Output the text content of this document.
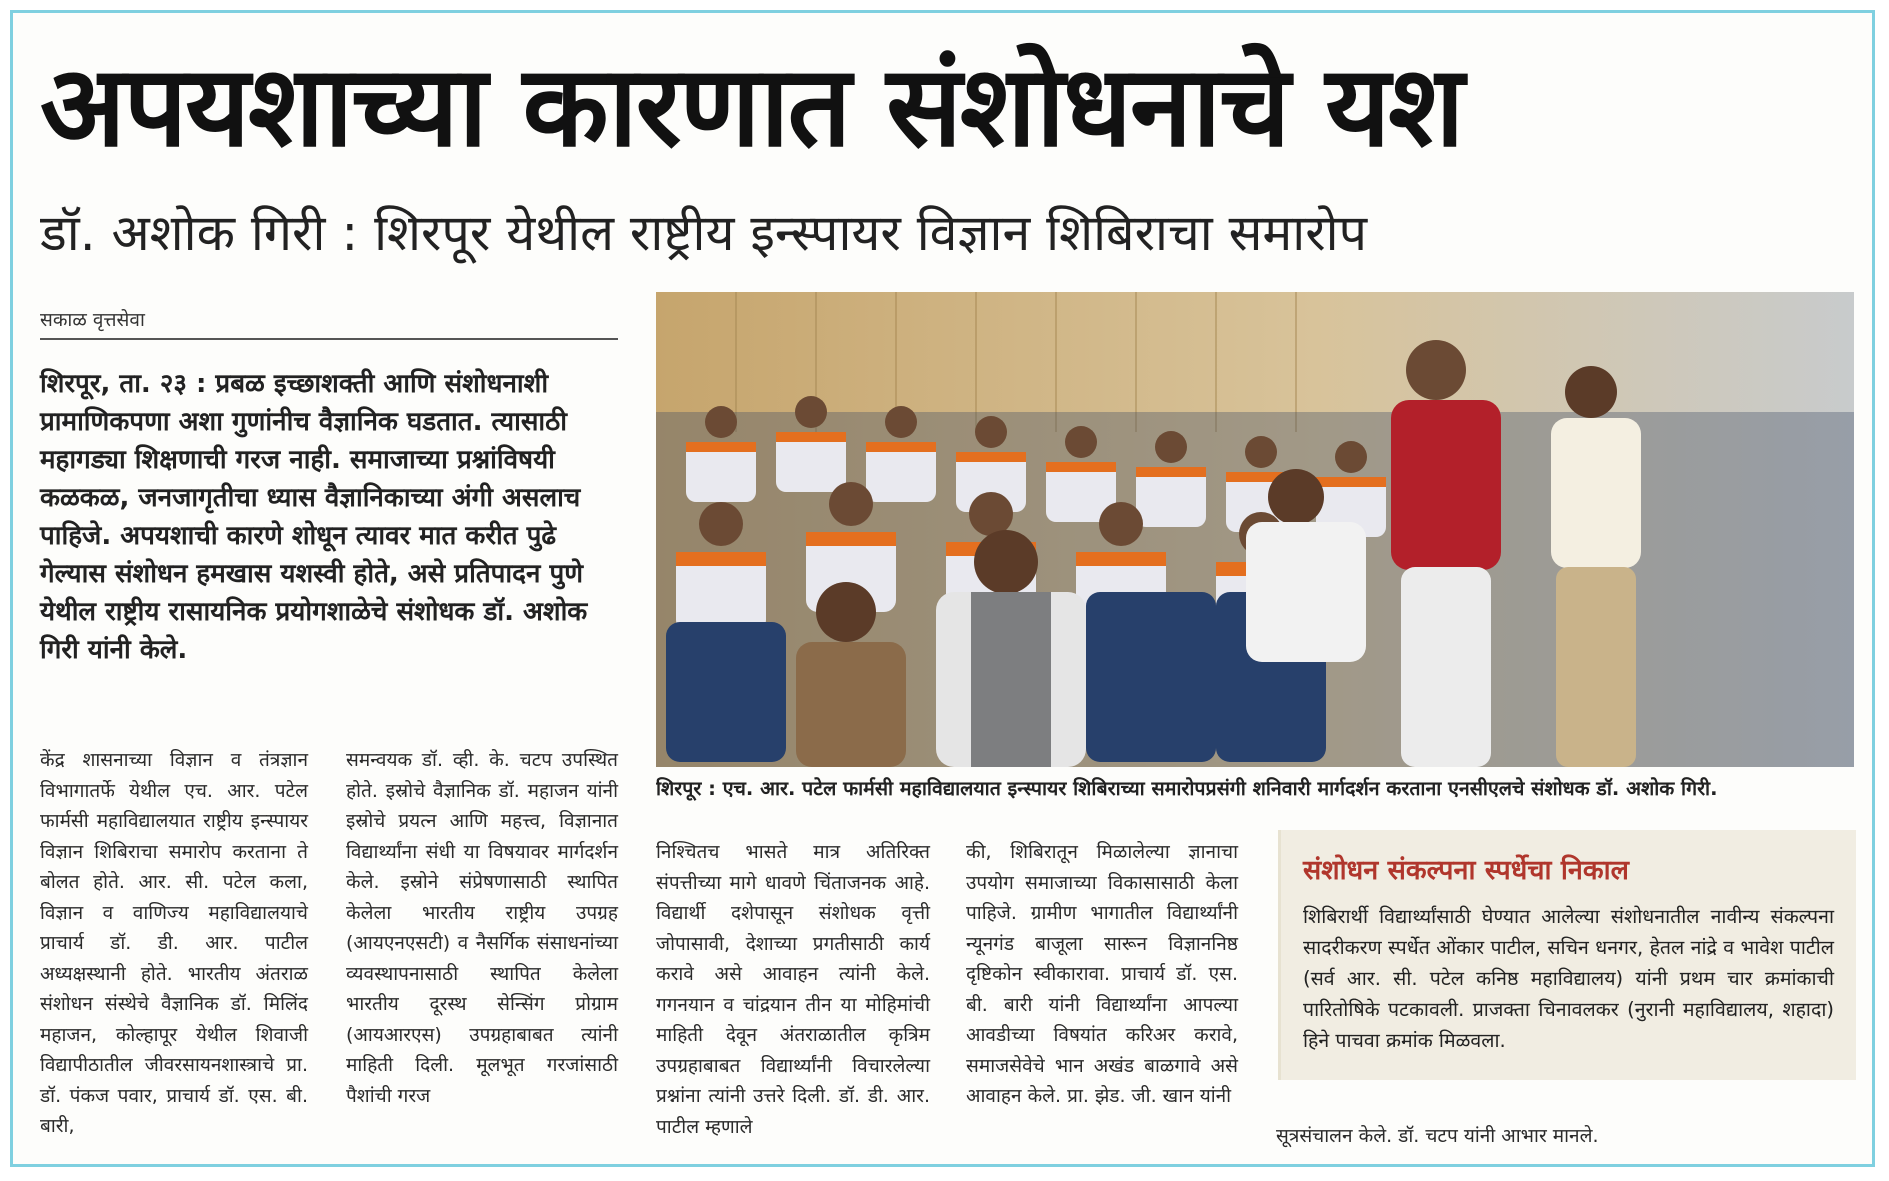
अपयशाच्या कारणात संशोधनाचे यश
डॉ. अशोक गिरी : शिरपूर येथील राष्ट्रीय इन्स्पायर विज्ञान शिबिराचा समारोप
सकाळ वृत्तसेवा

शिरपूर, ता. २३ : प्रबळ इच्छाशक्ती आणि संशोधनाशी प्रामाणिकपणा अशा गुणांनीच वैज्ञानिक घडतात. त्यासाठी महागड्या शिक्षणाची गरज नाही. समाजाच्या प्रश्नांविषयी कळकळ, जनजागृतीचा ध्यास वैज्ञानिकाच्या अंगी असलाच पाहिजे. अपयशाची कारणे शोधून त्यावर मात करीत पुढे गेल्यास संशोधन हमखास यशस्वी होते, असे प्रतिपादन पुणे येथील राष्ट्रीय रासायनिक प्रयोगशाळेचे संशोधक डॉ. अशोक गिरी यांनी केले.

केंद्र शासनाच्या विज्ञान व तंत्रज्ञान विभागातर्फे येथील एच. आर. पटेल फार्मसी महाविद्यालयात राष्ट्रीय इन्स्पायर विज्ञान शिबिराचा समारोप करताना ते बोलत होते. आर. सी. पटेल कला, विज्ञान व वाणिज्य महाविद्यालयाचे प्राचार्य डॉ. डी. आर. पाटील अध्यक्षस्थानी होते. भारतीय अंतराळ संशोधन संस्थेचे वैज्ञानिक डॉ. मिलिंद महाजन, कोल्हापूर येथील शिवाजी विद्यापीठातील जीवरसायनशास्त्राचे प्रा. डॉ. पंकज पवार, प्राचार्य डॉ. एस. बी. बारी,

समन्वयक डॉ. व्ही. के. चटप उपस्थित होते. इस्रोचे वैज्ञानिक डॉ. महाजन यांनी इस्रोचे प्रयत्न आणि महत्त्व, विज्ञानात विद्यार्थ्यांना संधी या विषयावर मार्गदर्शन केले. इस्रोने संप्रेषणासाठी स्थापित केलेला भारतीय राष्ट्रीय उपग्रह (आयएनएसटी) व नैसर्गिक संसाधनांच्या व्यवस्थापनासाठी स्थापित केलेला भारतीय दूरस्थ सेन्सिंग प्रोग्राम (आयआरएस) उपग्रहाबाबत त्यांनी माहिती दिली. मूलभूत गरजांसाठी पैशांची गरज

निश्चितच भासते मात्र अतिरिक्त संपत्तीच्या मागे धावणे चिंताजनक आहे. विद्यार्थी दशेपासून संशोधक वृत्ती जोपासावी, देशाच्या प्रगतीसाठी कार्य करावे असे आवाहन त्यांनी केले. गगनयान व चांद्रयान तीन या मोहिमांची माहिती देवून अंतराळातील कृत्रिम उपग्रहाबाबत विद्यार्थ्यांनी विचारलेल्या प्रश्नांना त्यांनी उत्तरे दिली. डॉ. डी. आर. पाटील म्हणाले

की, शिबिरातून मिळालेल्या ज्ञानाचा उपयोग समाजाच्या विकासासाठी केला पाहिजे. ग्रामीण भागातील विद्यार्थ्यांनी न्यूनगंड बाजूला सारून विज्ञाननिष्ठ दृष्टिकोन स्वीकारावा. प्राचार्य डॉ. एस. बी. बारी यांनी विद्यार्थ्यांना आपल्या आवडीच्या विषयांत करिअर करावे, समाजसेवेचे भान अखंड बाळगावे असे आवाहन केले. प्रा. झेड. जी. खान यांनी

शिरपूर : एच. आर. पटेल फार्मसी महाविद्यालयात इन्स्पायर शिबिराच्या समारोपप्रसंगी शनिवारी मार्गदर्शन करताना एनसीएलचे संशोधक डॉ. अशोक गिरी.
संशोधन संकल्पना स्पर्धेचा निकाल

शिबिरार्थी विद्यार्थ्यांसाठी घेण्यात आलेल्या संशोधनातील नावीन्य संकल्पना सादरीकरण स्पर्धेत ओंकार पाटील, सचिन धनगर, हेतल नांद्रे व भावेश पाटील (सर्व आर. सी. पटेल कनिष्ठ महाविद्यालय) यांनी प्रथम चार क्रमांकाची पारितोषिके पटकावली. प्राजक्ता चिनावलकर (नुरानी महाविद्यालय, शहादा) हिने पाचवा क्रमांक मिळवला.

सूत्रसंचालन केले. डॉ. चटप यांनी आभार मानले.
